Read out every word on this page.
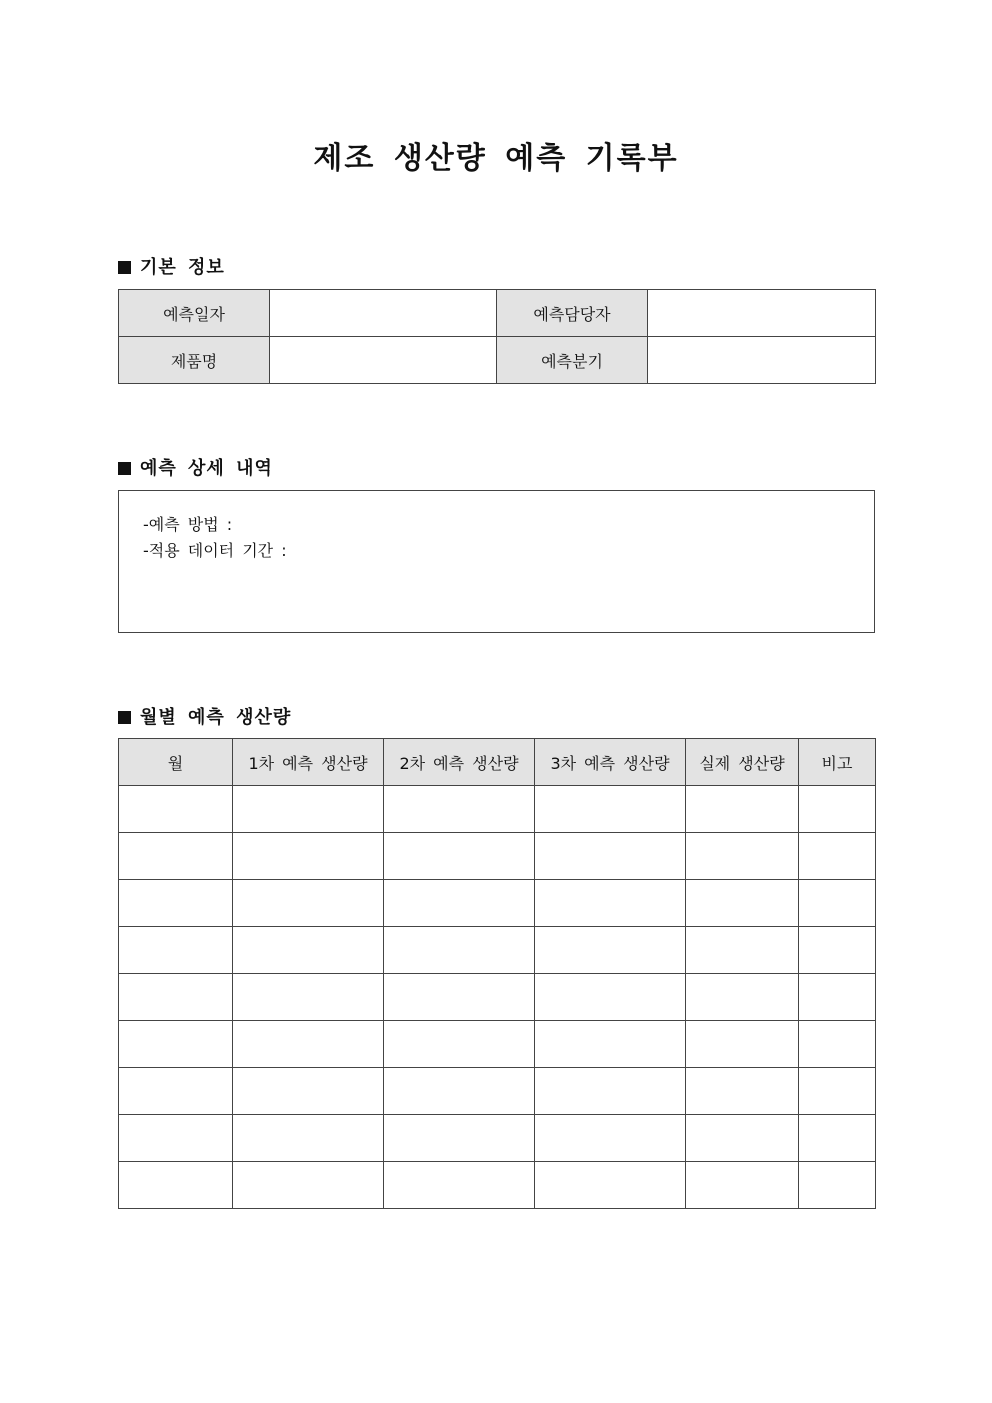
제조 생산량 예측 기록부
기본 정보
예측일자		예측담당자	
제품명		예측분기	
예측 상세 내역
-예측 방법 :
-적용 데이터 기간 :
월별 예측 생산량
월	1차 예측 생산량	2차 예측 생산량	3차 예측 생산량	실제 생산량	비고
